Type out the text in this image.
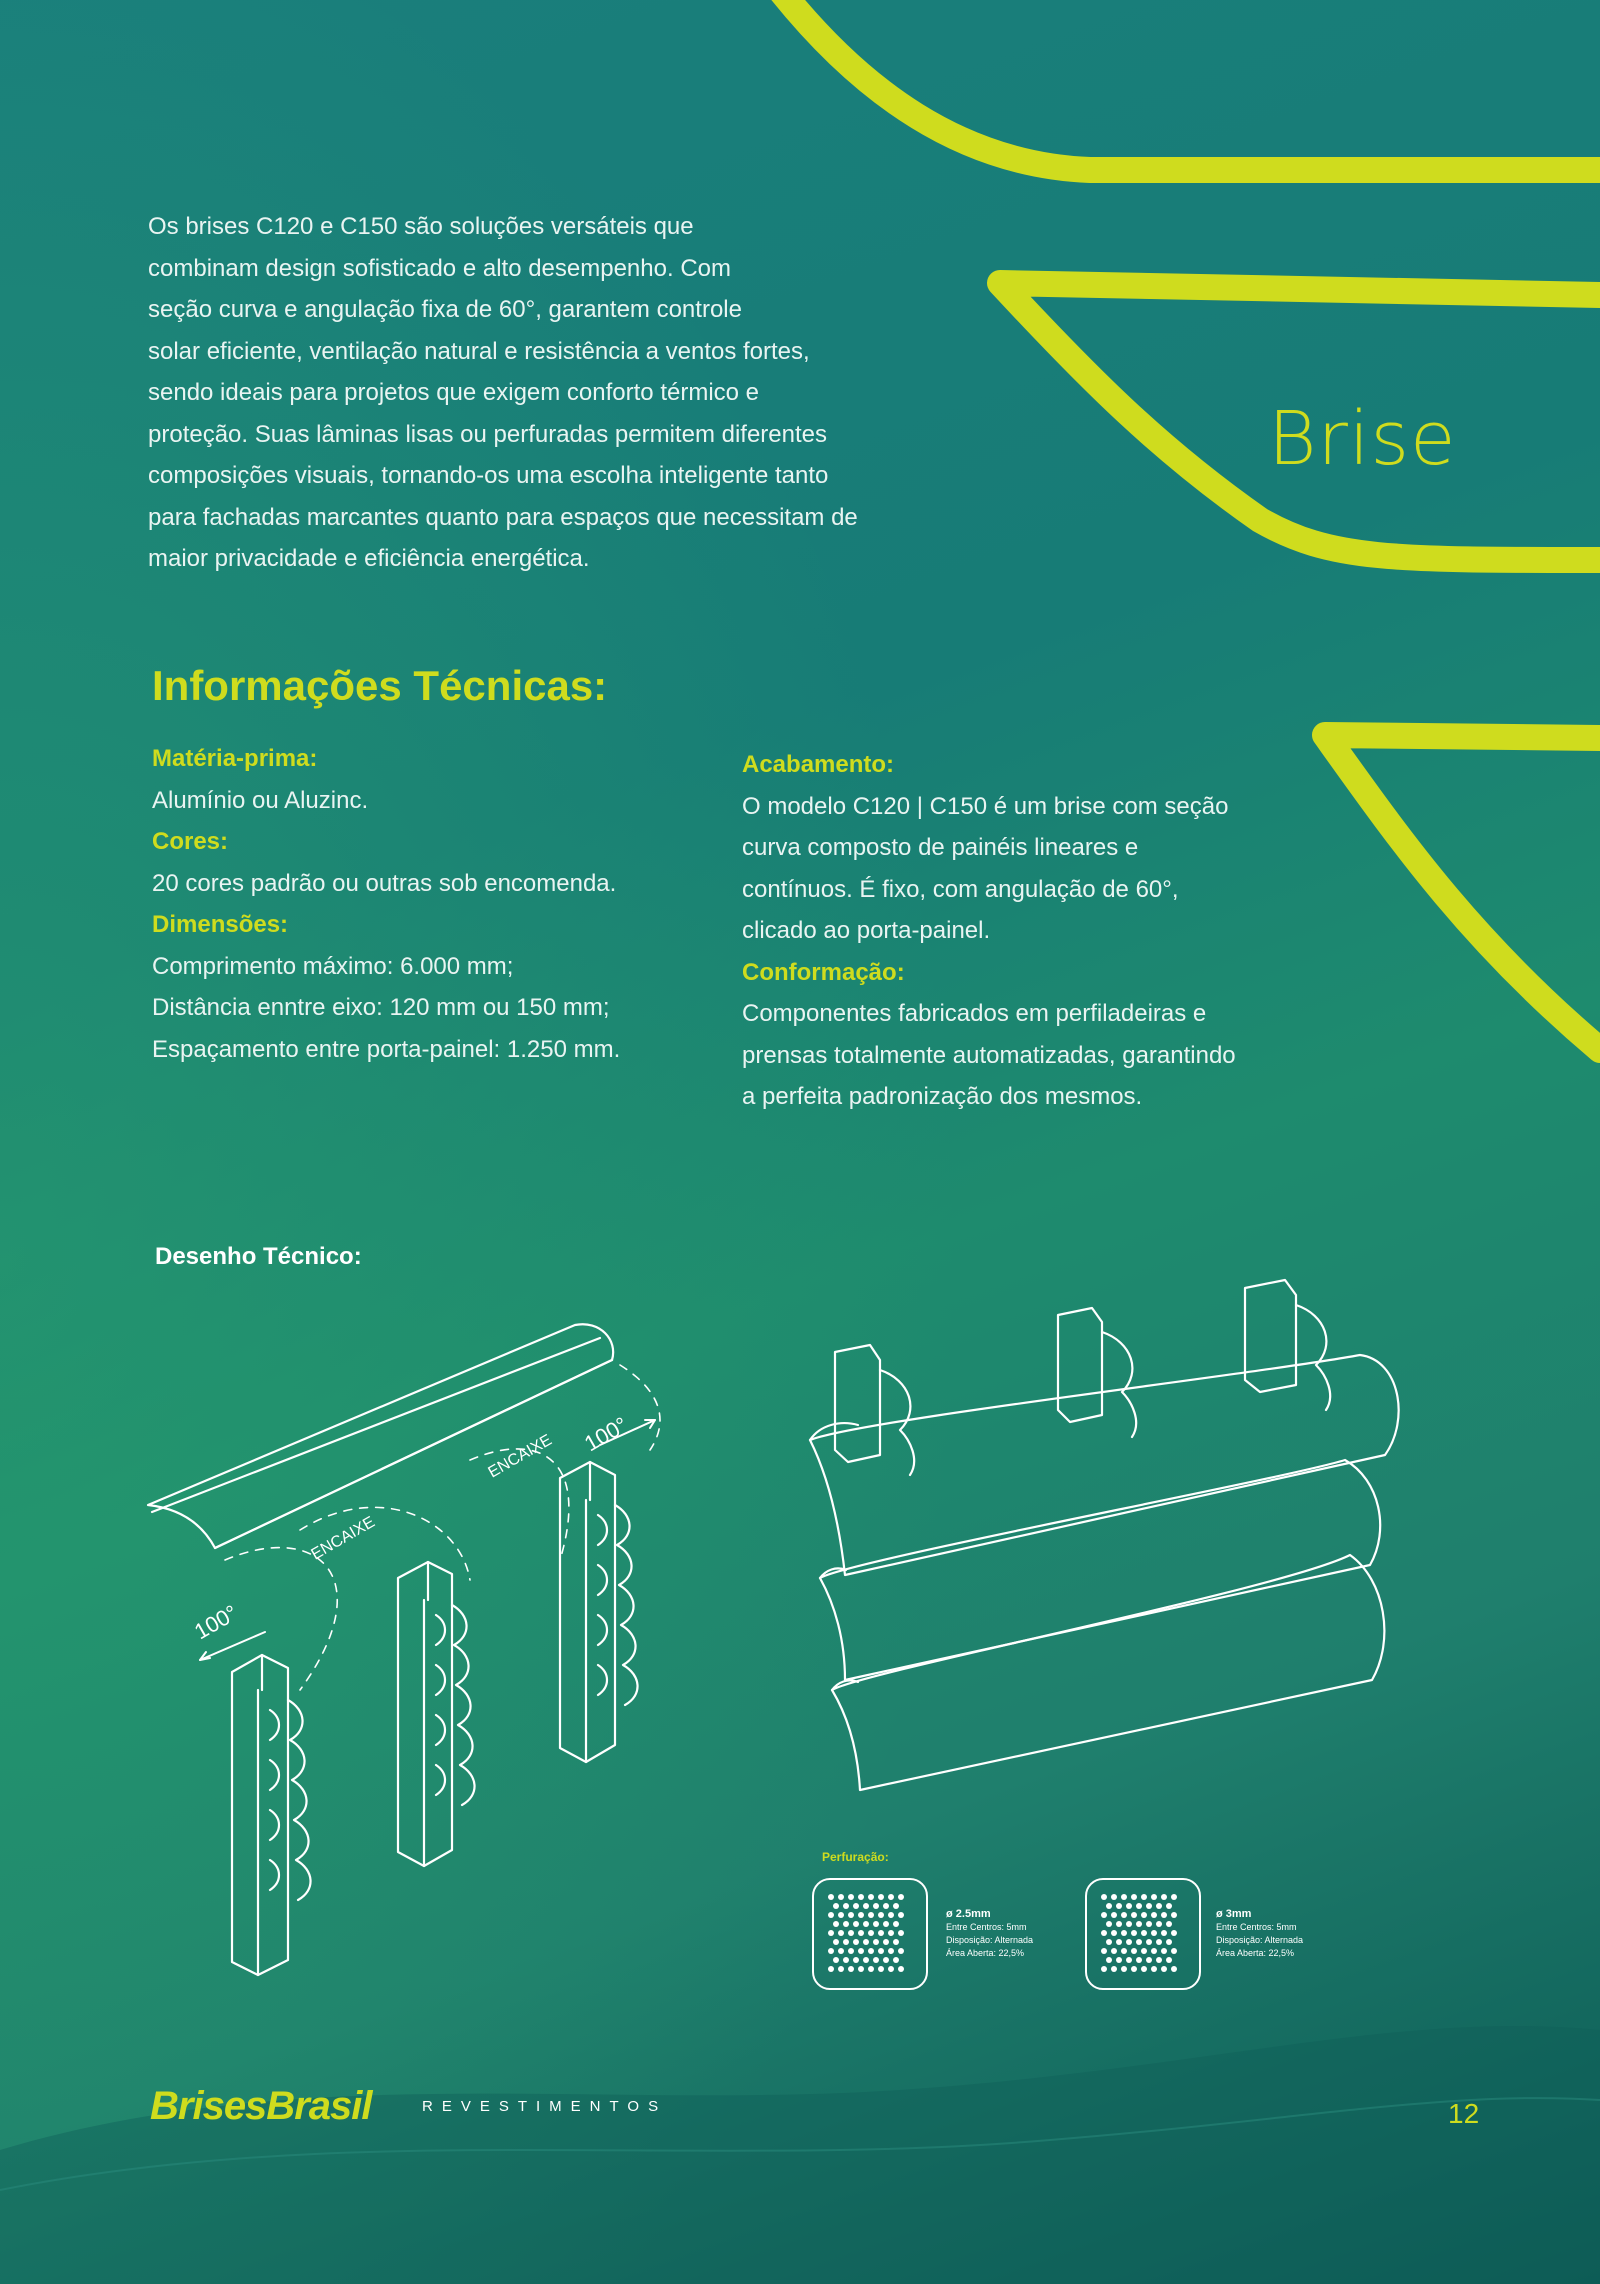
Os brises C120 e C150 são soluções versáteis que
combinam design sofisticado e alto desempenho. Com
seção curva e angulação fixa de 60°, garantem controle
solar eficiente, ventilação natural e resistência a ventos fortes,
sendo ideais para projetos que exigem conforto térmico e
proteção. Suas lâminas lisas ou perfuradas permitem diferentes
composições visuais, tornando-os uma escolha inteligente tanto
para fachadas marcantes quanto para espaços que necessitam de
maior privacidade e eficiência energética.
Brise
Informações Técnicas:
Matéria-prima:
Alumínio ou Aluzinc.
Cores:
20 cores padrão ou outras sob encomenda.
Dimensões:
Comprimento máximo: 6.000 mm;
Distância enntre eixo: 120 mm ou 150 mm;
Espaçamento entre porta-painel: 1.250 mm.
Acabamento:
O modelo C120 | C150 é um brise com seção
curva composto de painéis lineares e
contínuos. É fixo, com angulação de 60°,
clicado ao porta-painel.
Conformação:
Componentes fabricados em perfiladeiras e
prensas totalmente automatizadas, garantindo
a perfeita padronização dos mesmos.
Desenho Técnico:
100°
ENCAIXE
ENCAIXE 100°
Perfuração:
ø 2.5mm
Entre Centros: 5mm
Disposição: Alternada
Área Aberta: 22,5%
ø 3mm
Entre Centros: 5mm
Disposição: Alternada
Área Aberta: 22,5%
BrisesBrasil	REVESTIMENTOS	12
